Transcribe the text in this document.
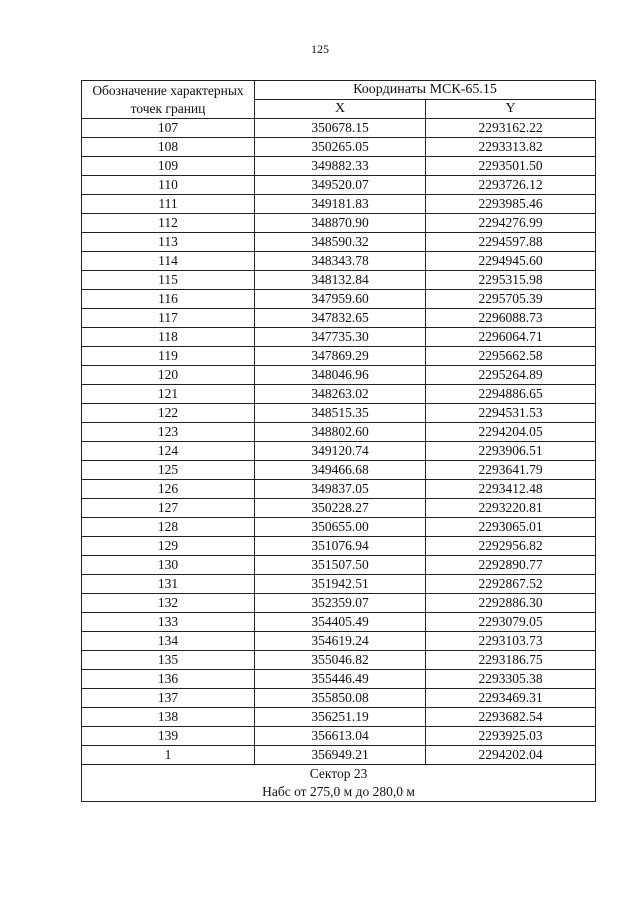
125
Обозначение характерных точек границ	Координаты МСК-65.15	
	X	Y
107	350678.15	2293162.22
108	350265.05	2293313.82
109	349882.33	2293501.50
110	349520.07	2293726.12
111	349181.83	2293985.46
112	348870.90	2294276.99
113	348590.32	2294597.88
114	348343.78	2294945.60
115	348132.84	2295315.98
116	347959.60	2295705.39
117	347832.65	2296088.73
118	347735.30	2296064.71
119	347869.29	2295662.58
120	348046.96	2295264.89
121	348263.02	2294886.65
122	348515.35	2294531.53
123	348802.60	2294204.05
124	349120.74	2293906.51
125	349466.68	2293641.79
126	349837.05	2293412.48
127	350228.27	2293220.81
128	350655.00	2293065.01
129	351076.94	2292956.82
130	351507.50	2292890.77
131	351942.51	2292867.52
132	352359.07	2292886.30
133	354405.49	2293079.05
134	354619.24	2293103.73
135	355046.82	2293186.75
136	355446.49	2293305.38
137	355850.08	2293469.31
138	356251.19	2293682.54
139	356613.04	2293925.03
1	356949.21	2294202.04

Сектор 23
Набс от 275,0 м до 280,0 м		
